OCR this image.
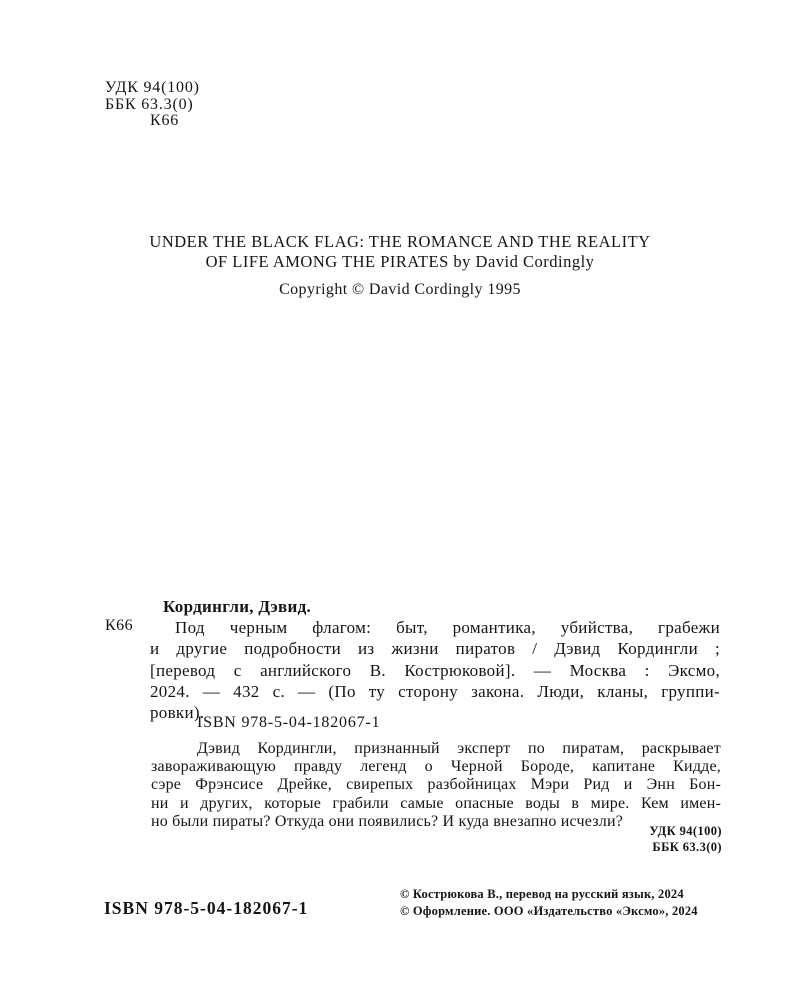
УДК 94(100)
ББК 63.3(0)
К66
UNDER THE BLACK FLAG: THE ROMANCE AND THE REALITY
OF LIFE AMONG THE PIRATES by David Cordingly
Copyright © David Cordingly 1995
К66
Кордингли, Дэвид.
Под черным флагом: быт, романтика, убийства, грабежи
и другие подробности из жизни пиратов / Дэвид Кордингли ;
[перевод с английского В. Кострюковой]. — Москва : Эксмо,
2024. — 432 с. — (По ту сторону закона. Люди, кланы, группи-
ровки).
ISBN 978-5-04-182067-1
Дэвид Кордингли, признанный эксперт по пиратам, раскрывает
завораживающую правду легенд о Черной Бороде, капитане Кидде,
сэре Фрэнсисе Дрейке, свирепых разбойницах Мэри Рид и Энн Бон-
ни и других, которые грабили самые опасные воды в мире. Кем имен-
но были пираты? Откуда они появились? И куда внезапно исчезли?
УДК 94(100)
ББК 63.3(0)
ISBN 978-5-04-182067-1
© Кострюкова В., перевод на русский язык, 2024
© Оформление. ООО «Издательство «Эксмо», 2024
